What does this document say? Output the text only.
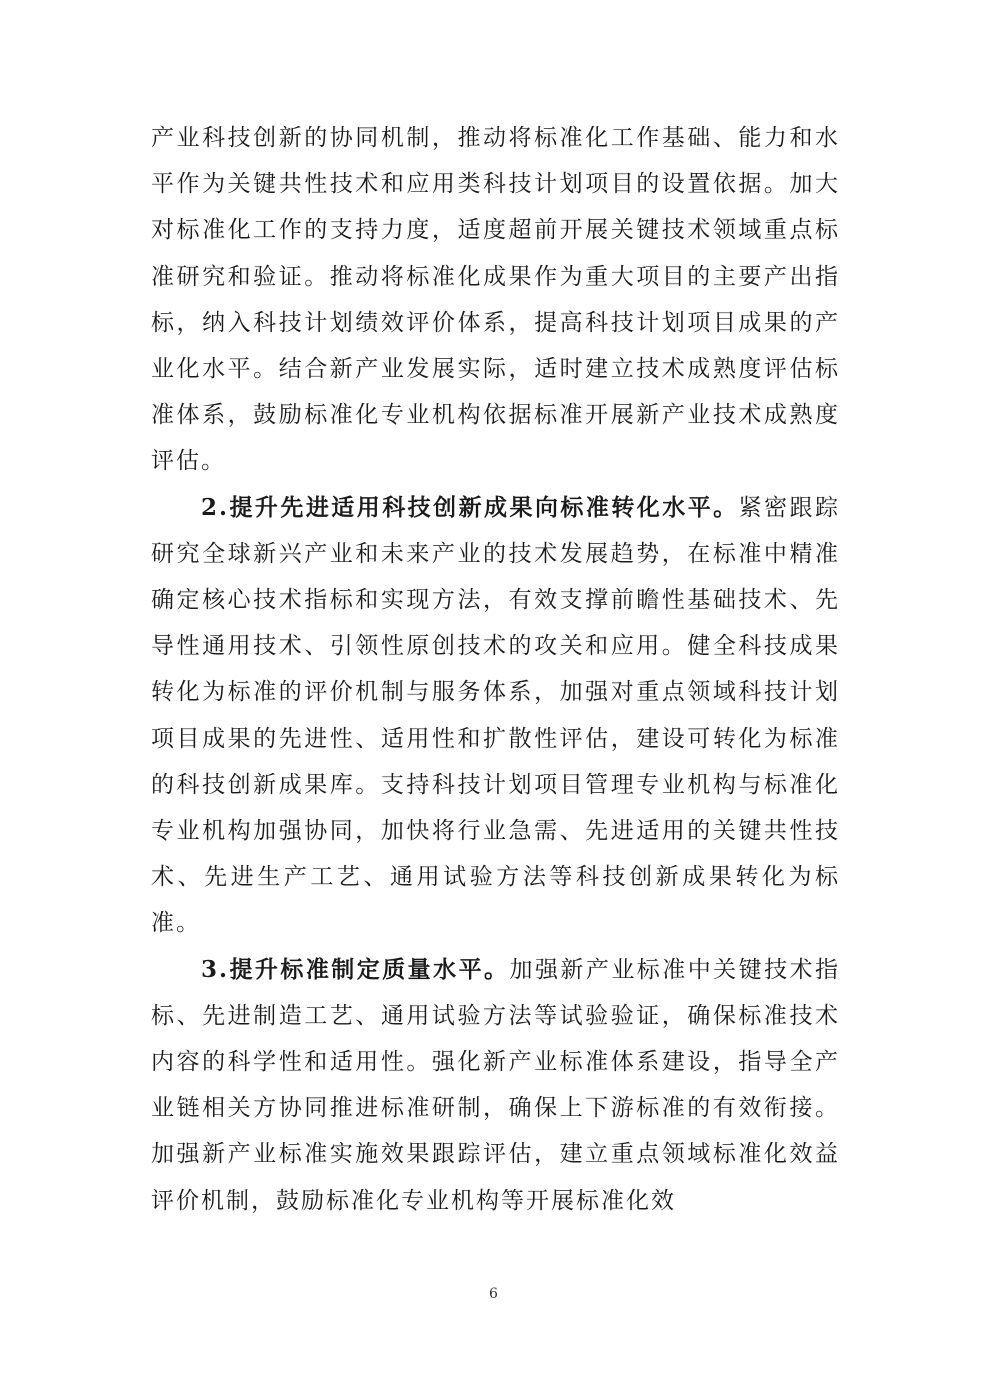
产业科技创新的协同机制，推动将标准化工作基础、能力和水平作为关键共性技术和应用类科技计划项目的设置依据。加大对标准化工作的支持力度，适度超前开展关键技术领域重点标准研究和验证。推动将标准化成果作为重大项目的主要产出指标，纳入科技计划绩效评价体系，提高科技计划项目成果的产业化水平。结合新产业发展实际，适时建立技术成熟度评估标准体系，鼓励标准化专业机构依据标准开展新产业技术成熟度评估。

2.提升先进适用科技创新成果向标准转化水平。紧密跟踪研究全球新兴产业和未来产业的技术发展趋势，在标准中精准确定核心技术指标和实现方法，有效支撑前瞻性基础技术、先导性通用技术、引领性原创技术的攻关和应用。健全科技成果转化为标准的评价机制与服务体系，加强对重点领域科技计划项目成果的先进性、适用性和扩散性评估，建设可转化为标准的科技创新成果库。支持科技计划项目管理专业机构与标准化专业机构加强协同，加快将行业急需、先进适用的关键共性技术、先进生产工艺、通用试验方法等科技创新成果转化为标准。

3.提升标准制定质量水平。加强新产业标准中关键技术指标、先进制造工艺、通用试验方法等试验验证，确保标准技术内容的科学性和适用性。强化新产业标准体系建设，指导全产业链相关方协同推进标准研制，确保上下游标准的有效衔接。加强新产业标准实施效果跟踪评估，建立重点领域标准化效益评价机制，鼓励标准化专业机构等开展标准化效

6
